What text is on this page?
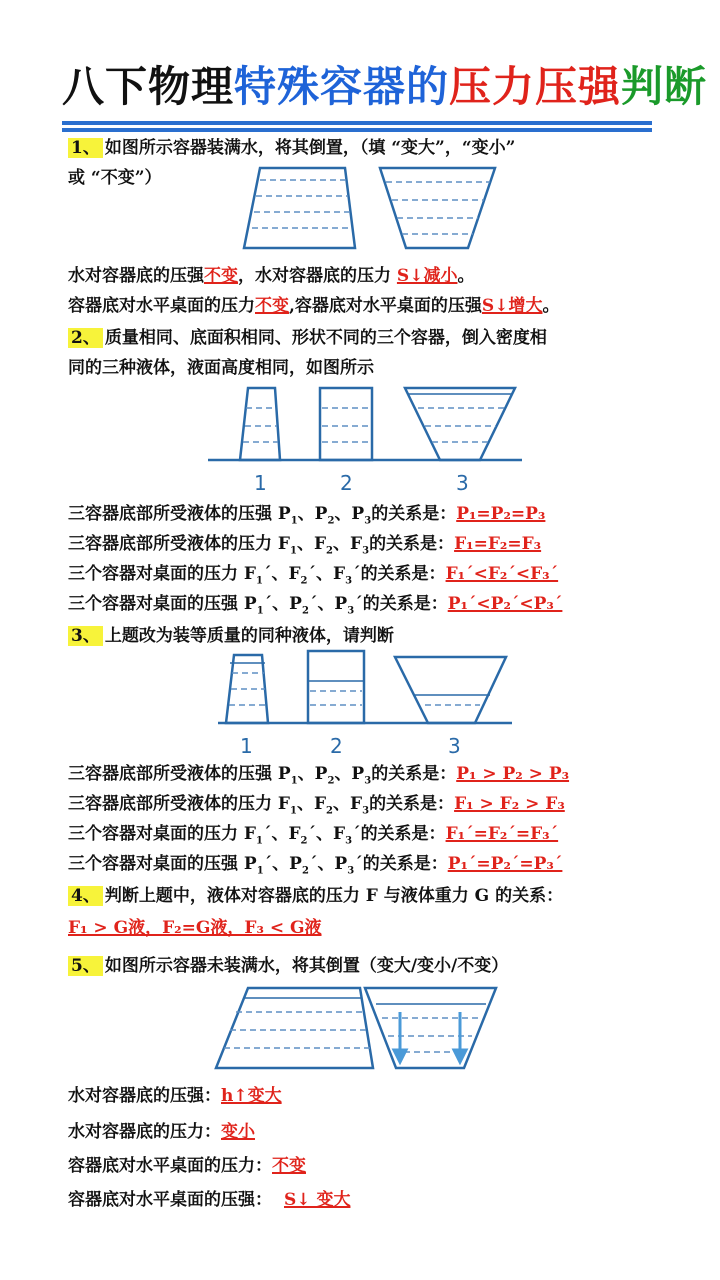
八下物理特殊容器的压力压强判断
1、 如图所示容器装满水，将其倒置，（填 “变大”，“变小”
或 “不变”）
水对容器底的压强不变，水对容器底的压力 S↓减小。
容器底对水平桌面的压力不变,容器底对水平桌面的压强S↓增大。
2、 质量相同、底面积相同、形状不同的三个容器，倒入密度相
同的三种液体，液面高度相同，如图所示
1	2	3
三容器底部所受液体的压强 $P_1$、$P_2$、$P_3$的关系是：P₁=P₂=P₃
三容器底部所受液体的压力 $F_1$、$F_2$、$F_3$的关系是：F₁=F₂=F₃
三个容器对桌面的压力 $F_1´$、$F_2´$、$F_3´$的关系是：F₁´<F₂´<F₃´
三个容器对桌面的压强 $P_1´$、$P_2´$、$P_3´$的关系是：P₁´<P₂´<P₃´
3、 上题改为装等质量的同种液体，请判断
1	2	3
三容器底部所受液体的压强 $P_1$、$P_2$、$P_3$的关系是：P₁ > P₂ > P₃
三容器底部所受液体的压力 $F_1$、$F_2$、$F_3$的关系是：F₁ > F₂ > F₃
三个容器对桌面的压力 $F_1´$、$F_2´$、$F_3´$的关系是：F₁´=F₂´=F₃´
三个容器对桌面的压强 $P_1´$、$P_2´$、$P_3´$的关系是：P₁´=P₂´=P₃´
4、 判断上题中，液体对容器底的压力 F 与液体重力 G 的关系：
F₁ > G液，F₂=G液，F₃ < G液
5、 如图所示容器未装满水，将其倒置（变大/变小/不变）
水对容器底的压强：h↑变大
水对容器底的压力：变小
容器底对水平桌面的压力：不变
容器底对水平桌面的压强： S↓ 变大
